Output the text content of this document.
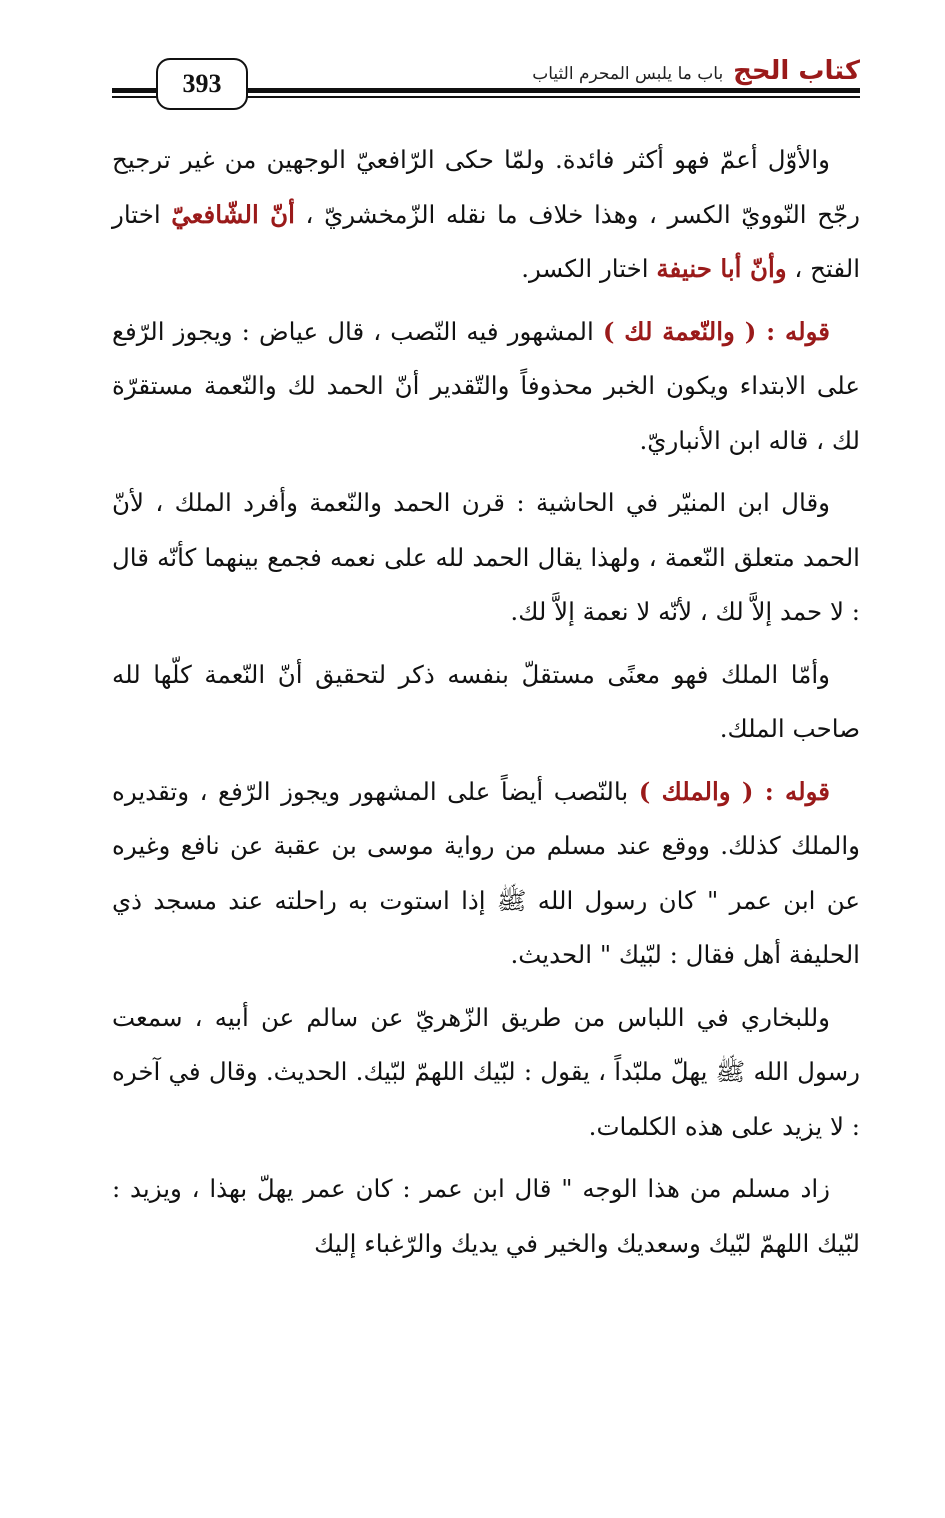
كتاب الحج
باب ما يلبس المحرم الثياب
393

والأوّل أعمّ فهو أكثر فائدة. ولمّا حكى الرّافعيّ الوجهين من غير ترجيح رجّح النّوويّ الكسر ، وهذا خلاف ما نقله الزّمخشريّ ، أنّ الشّافعيّ اختار الفتح ، وأنّ أبا حنيفة اختار الكسر.

قوله : ( والنّعمة لك ) المشهور فيه النّصب ، قال عياض : ويجوز الرّفع على الابتداء ويكون الخبر محذوفاً والتّقدير أنّ الحمد لك والنّعمة مستقرّة لك ، قاله ابن الأنباريّ.

وقال ابن المنيّر في الحاشية : قرن الحمد والنّعمة وأفرد الملك ، لأنّ الحمد متعلق النّعمة ، ولهذا يقال الحمد لله على نعمه فجمع بينهما كأنّه قال : لا حمد إلاَّ لك ، لأنّه لا نعمة إلاَّ لك.

وأمّا الملك فهو معنًى مستقلّ بنفسه ذكر لتحقيق أنّ النّعمة كلّها لله صاحب الملك.

قوله : ( والملك ) بالنّصب أيضاً على المشهور ويجوز الرّفع ، وتقديره والملك كذلك. ووقع عند مسلم من رواية موسى بن عقبة عن نافع وغيره عن ابن عمر " كان رسول الله ﷺ إذا استوت به راحلته عند مسجد ذي الحليفة أهل فقال : لبّيك " الحديث.

وللبخاري في اللباس من طريق الزّهريّ عن سالم عن أبيه ، سمعت رسول الله ﷺ يهلّ ملبّداً ، يقول : لبّيك اللهمّ لبّيك. الحديث. وقال في آخره : لا يزيد على هذه الكلمات.

زاد مسلم من هذا الوجه " قال ابن عمر : كان عمر يهلّ بهذا ، ويزيد : لبّيك اللهمّ لبّيك وسعديك والخير في يديك والرّغباء إليك
